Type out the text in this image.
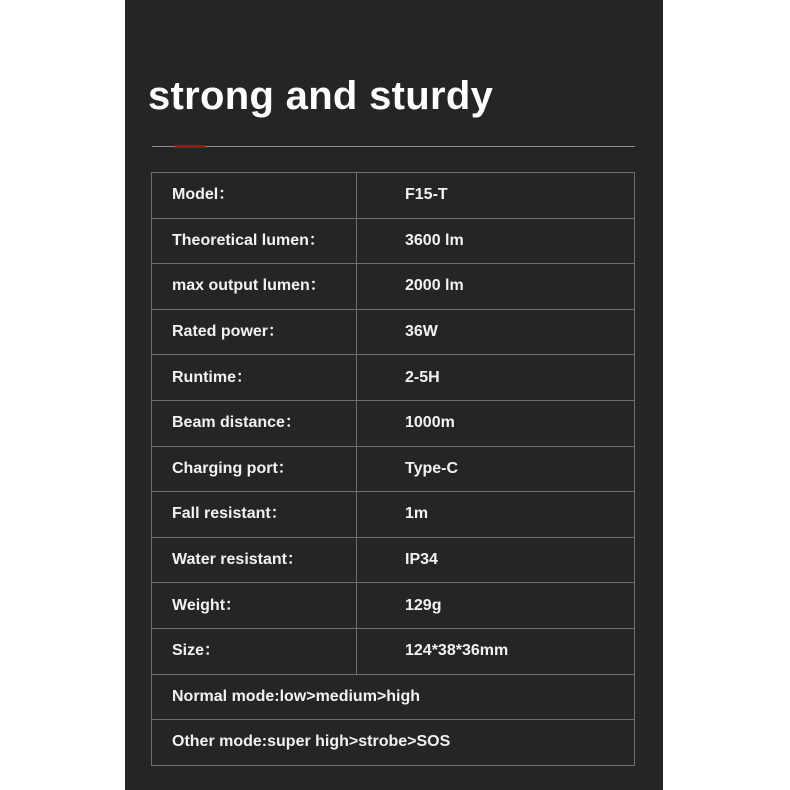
strong and sturdy
Model：	F15-T
Theoretical lumen：	3600 lm
max output lumen：	2000 lm
Rated power：	36W
Runtime：	2-5H
Beam distance：	1000m
Charging port：	Type-C
Fall resistant：	1m
Water resistant：	IP34
Weight：	129g
Size：	124*38*36mm
Normal mode:low>medium>high	
Other mode:super high>strobe>SOS	
